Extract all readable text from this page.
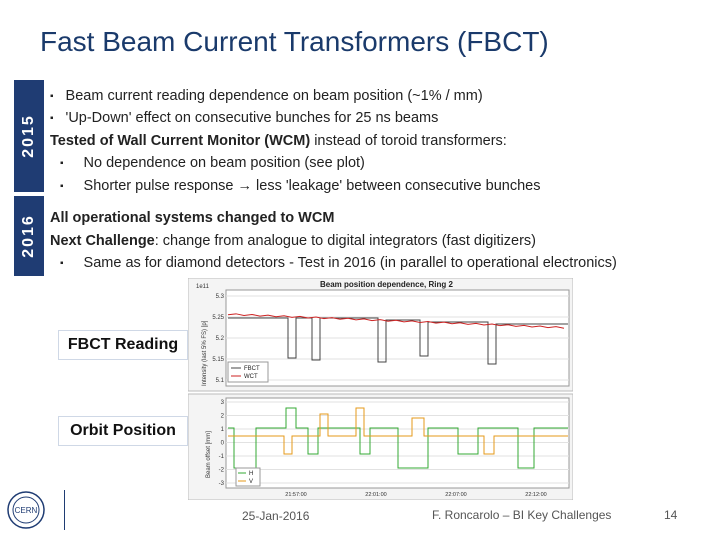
Fast Beam Current Transformers (FBCT)
2015
2016
▪ Beam current reading dependence on beam position (~1% / mm)
▪ 'Up-Down' effect on consecutive bunches for 25 ns beams
Tested of Wall Current Monitor (WCM) instead of toroid transformers:
▪ No dependence on beam position (see plot)
▪ Shorter pulse response → less 'leakage' between consecutive bunches
All operational systems changed to WCM
Next Challenge: change from analogue to digital integrators (fast digitizers)
▪ Same as for diamond detectors - Test in 2016 (in parallel to operational electronics)
1e11	Beam position dependence, Ring 2
Intensity (last 5% FS) [p]
5.3
5.25
5.2
5.15
5.1
FBCT
WCT
Beam offset [mm]
3
2
1
0
-1
-2
-3
H
V
21:57:00	22:01:00	22:07:00	22:12:00
FBCT Reading
Orbit Position
CERN	25-Jan-2016	F. Roncarolo – BI Key Challenges	14
